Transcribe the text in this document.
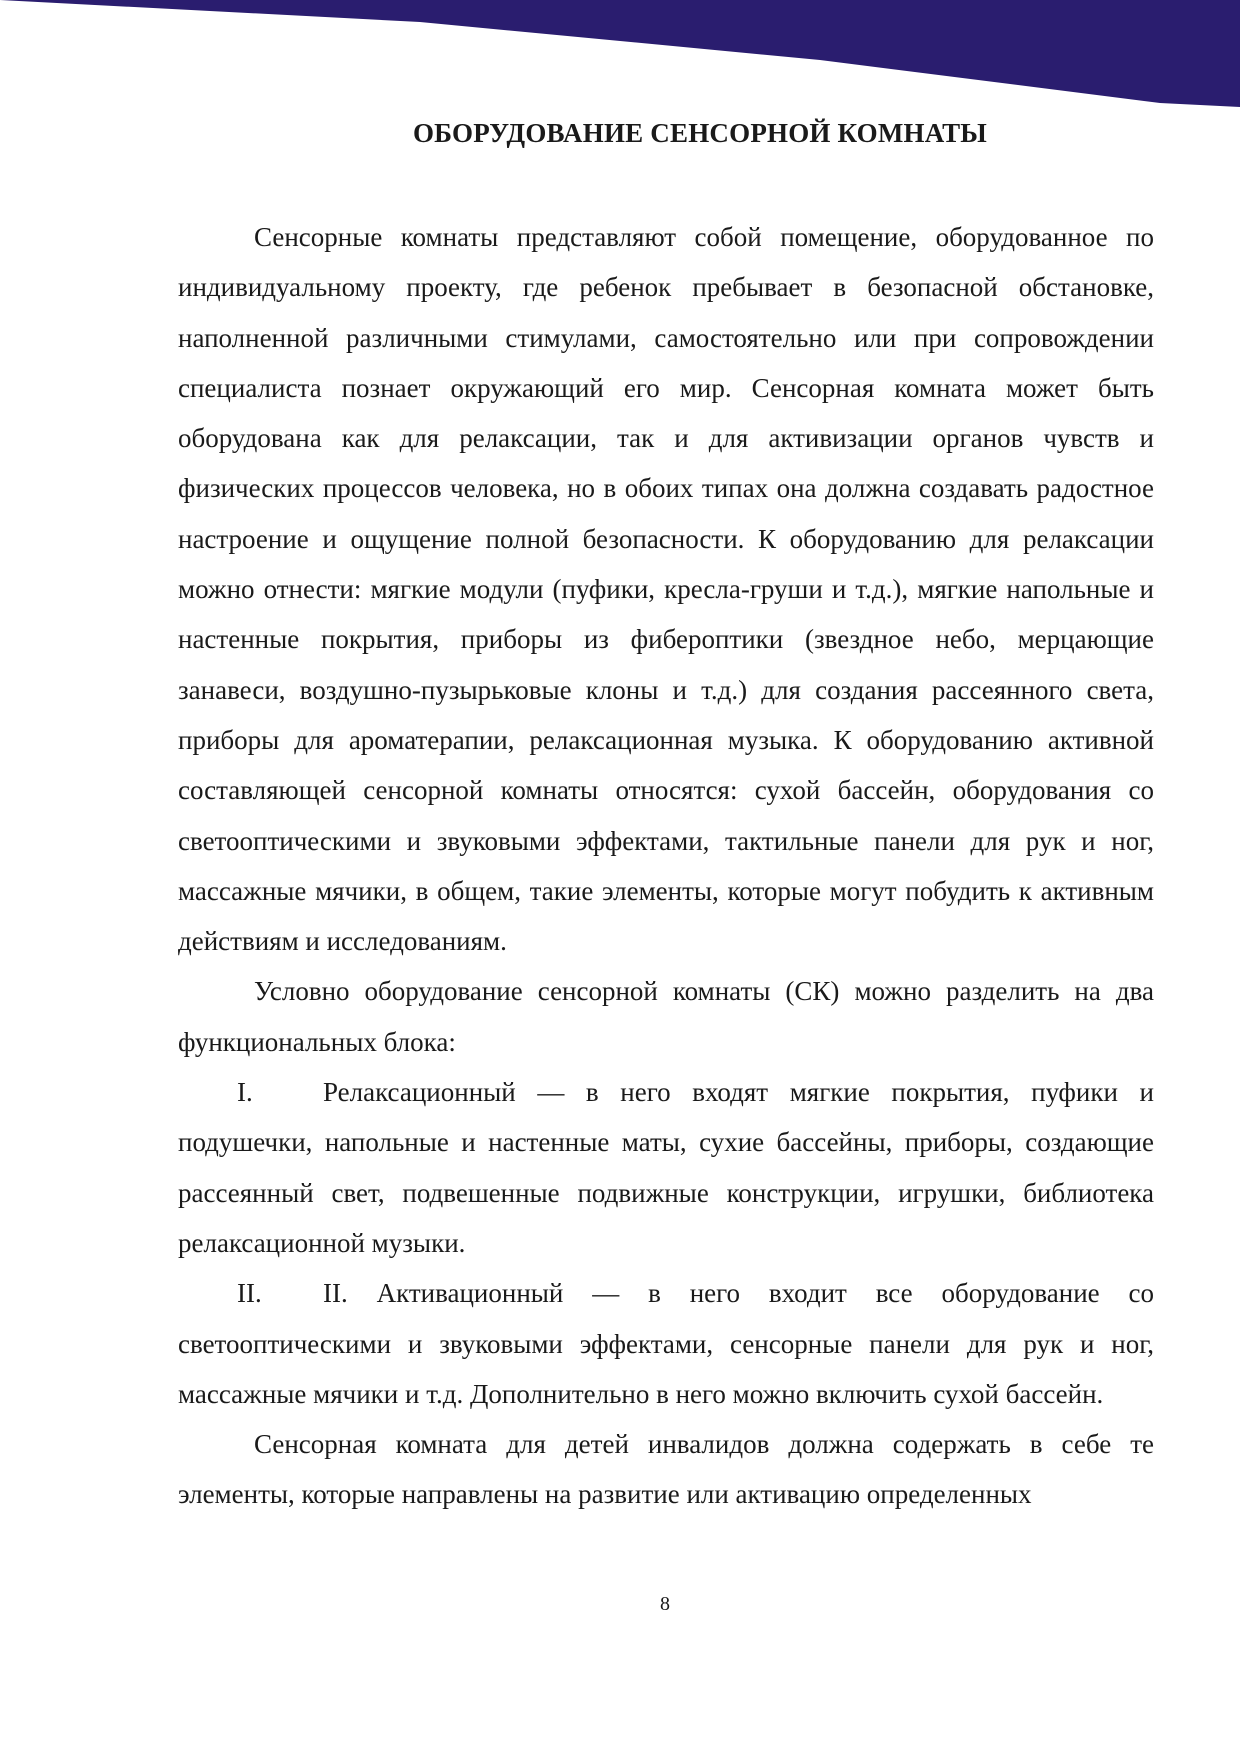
ОБОРУДОВАНИЕ СЕНСОРНОЙ КОМНАТЫ

Сенсорные комнаты представляют собой помещение, оборудованное по индивидуальному проекту, где ребенок пребывает в безопасной обстановке, наполненной различными стимулами, самостоятельно или при сопровождении специалиста познает окружающий его мир. Сенсорная комната может быть оборудована как для релаксации, так и для активизации органов чувств и физических процессов человека, но в обоих типах она должна создавать радостное настроение и ощущение полной безопасности. К оборудованию для релаксации можно отнести: мягкие модули (пуфики, кресла-груши и т.д.), мягкие напольные и настенные покрытия, приборы из фибероптики (звездное небо, мерцающие занавеси, воздушно-пузырьковые клоны и т.д.) для создания рассеянного света, приборы для ароматерапии, релаксационная музыка. К оборудованию активной составляющей сенсорной комнаты относятся: сухой бассейн, оборудования со светооптическими и звуковыми эффектами, тактильные панели для рук и ног, массажные мячики, в общем, такие элементы, которые могут побудить к активным действиям и исследованиям.

Условно оборудование сенсорной комнаты (СК) можно разделить на два функциональных блока:

I.	Релаксационный — в него входят мягкие покрытия, пуфики и подушечки, напольные и настенные маты, сухие бассейны, приборы, создающие рассеянный свет, подвешенные подвижные конструкции, игрушки, библиотека релаксационной музыки.

II. II. Активационный — в него входит все оборудование со светооптическими и звуковыми эффектами, сенсорные панели для рук и ног, массажные мячики и т.д. Дополнительно в него можно включить сухой бассейн.

Сенсорная комната для детей инвалидов должна содержать в себе те элементы, которые направлены на развитие или активацию определенных

8
